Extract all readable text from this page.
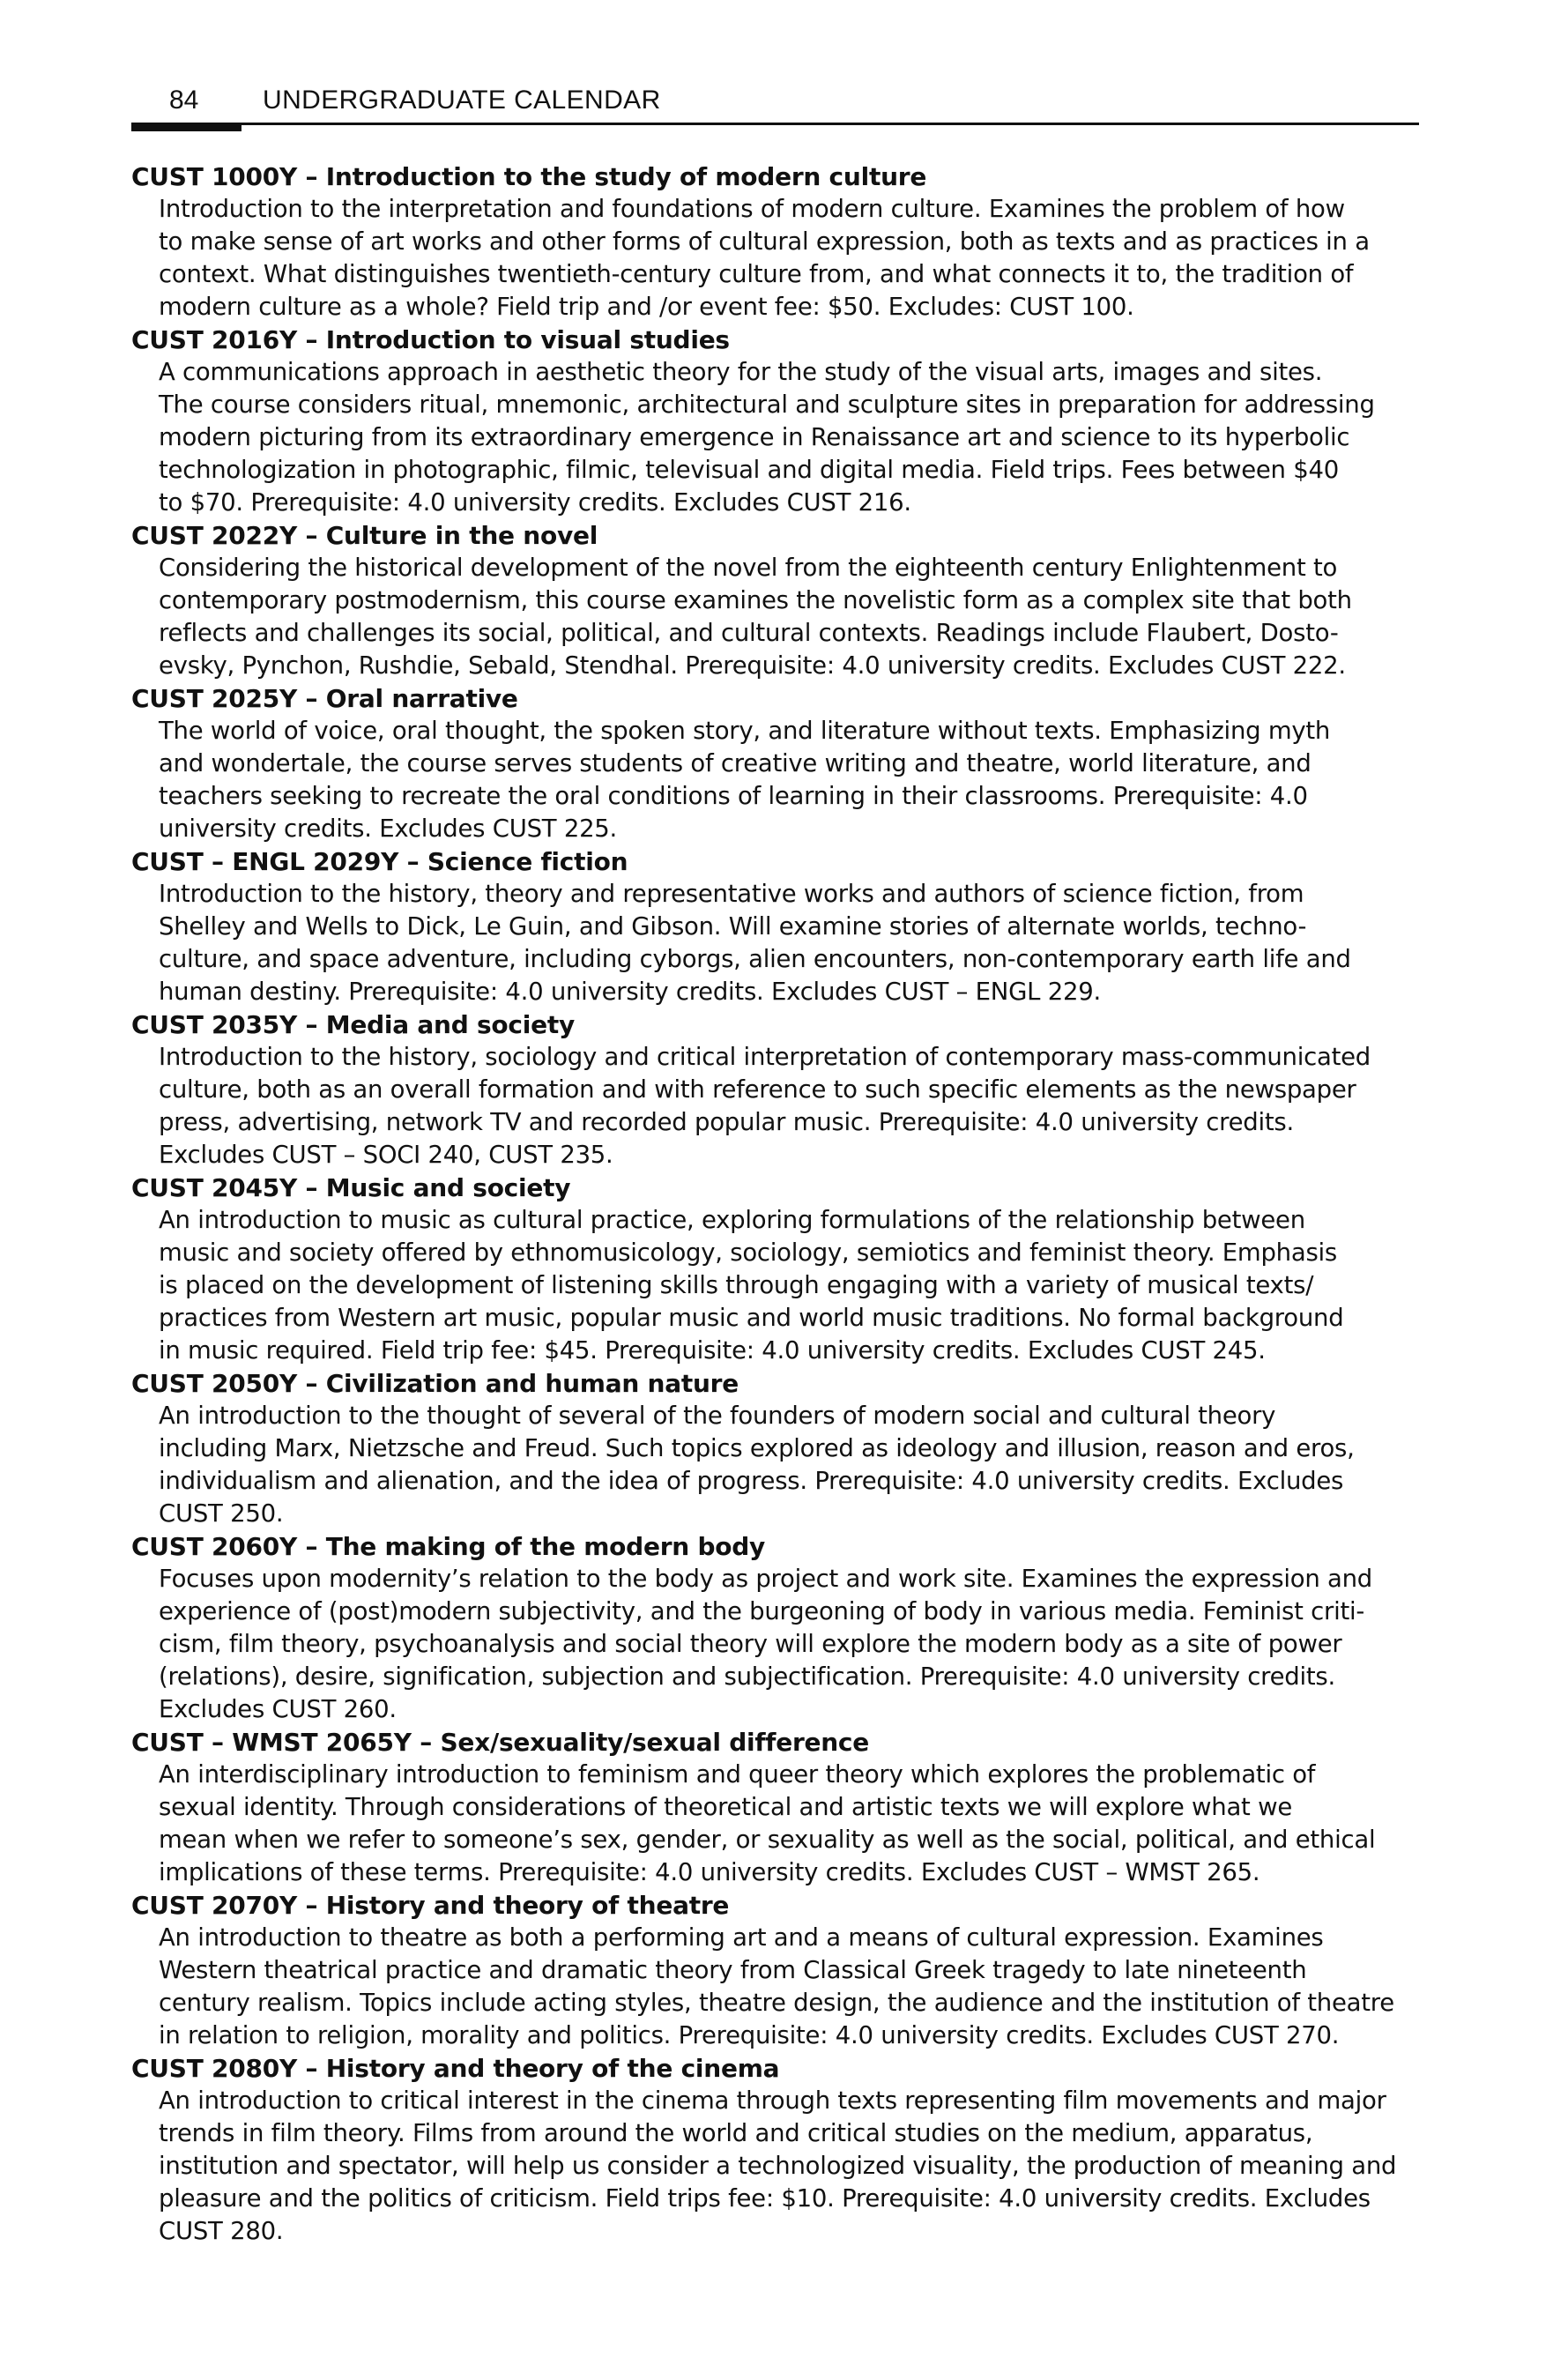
84 UNDERGRADUATE CALENDAR
CUST 1000Y – Introduction to the study of modern culture
Introduction to the interpretation and foundations of modern culture. Examines the problem of how
to make sense of art works and other forms of cultural expression, both as texts and as practices in a
context. What distinguishes twentieth-century culture from, and what connects it to, the tradition of
modern culture as a whole? Field trip and /or event fee: $50. Excludes: CUST 100.
CUST 2016Y – Introduction to visual studies
A communications approach in aesthetic theory for the study of the visual arts, images and sites.
The course considers ritual, mnemonic, architectural and sculpture sites in preparation for addressing
modern picturing from its extraordinary emergence in Renaissance art and science to its hyperbolic
technologization in photographic, filmic, televisual and digital media. Field trips. Fees between $40
to $70. Prerequisite: 4.0 university credits. Excludes CUST 216.
CUST 2022Y – Culture in the novel
Considering the historical development of the novel from the eighteenth century Enlightenment to
contemporary postmodernism, this course examines the novelistic form as a complex site that both
reflects and challenges its social, political, and cultural contexts. Readings include Flaubert, Dosto-
evsky, Pynchon, Rushdie, Sebald, Stendhal. Prerequisite: 4.0 university credits. Excludes CUST 222.
CUST 2025Y – Oral narrative
The world of voice, oral thought, the spoken story, and literature without texts. Emphasizing myth
and wondertale, the course serves students of creative writing and theatre, world literature, and
teachers seeking to recreate the oral conditions of learning in their classrooms. Prerequisite: 4.0
university credits. Excludes CUST 225.
CUST – ENGL 2029Y – Science fiction
Introduction to the history, theory and representative works and authors of science fiction, from
Shelley and Wells to Dick, Le Guin, and Gibson. Will examine stories of alternate worlds, techno-
culture, and space adventure, including cyborgs, alien encounters, non-contemporary earth life and
human destiny. Prerequisite: 4.0 university credits. Excludes CUST – ENGL 229.
CUST 2035Y – Media and society
Introduction to the history, sociology and critical interpretation of contemporary mass-communicated
culture, both as an overall formation and with reference to such specific elements as the newspaper
press, advertising, network TV and recorded popular music. Prerequisite: 4.0 university credits.
Excludes CUST – SOCI 240, CUST 235.
CUST 2045Y – Music and society
An introduction to music as cultural practice, exploring formulations of the relationship between
music and society offered by ethnomusicology, sociology, semiotics and feminist theory. Emphasis
is placed on the development of listening skills through engaging with a variety of musical texts/
practices from Western art music, popular music and world music traditions. No formal background
in music required. Field trip fee: $45. Prerequisite: 4.0 university credits. Excludes CUST 245.
CUST 2050Y – Civilization and human nature
An introduction to the thought of several of the founders of modern social and cultural theory
including Marx, Nietzsche and Freud. Such topics explored as ideology and illusion, reason and eros,
individualism and alienation, and the idea of progress. Prerequisite: 4.0 university credits. Excludes
CUST 250.
CUST 2060Y – The making of the modern body
Focuses upon modernity’s relation to the body as project and work site. Examines the expression and
experience of (post)modern subjectivity, and the burgeoning of body in various media. Feminist criti-
cism, film theory, psychoanalysis and social theory will explore the modern body as a site of power
(relations), desire, signification, subjection and subjectification. Prerequisite: 4.0 university credits.
Excludes CUST 260.
CUST – WMST 2065Y – Sex/sexuality/sexual difference
An interdisciplinary introduction to feminism and queer theory which explores the problematic of
sexual identity. Through considerations of theoretical and artistic texts we will explore what we
mean when we refer to someone’s sex, gender, or sexuality as well as the social, political, and ethical
implications of these terms. Prerequisite: 4.0 university credits. Excludes CUST – WMST 265.
CUST 2070Y – History and theory of theatre
An introduction to theatre as both a performing art and a means of cultural expression. Examines
Western theatrical practice and dramatic theory from Classical Greek tragedy to late nineteenth
century realism. Topics include acting styles, theatre design, the audience and the institution of theatre
in relation to religion, morality and politics. Prerequisite: 4.0 university credits. Excludes CUST 270.
CUST 2080Y – History and theory of the cinema
An introduction to critical interest in the cinema through texts representing film movements and major
trends in film theory. Films from around the world and critical studies on the medium, apparatus,
institution and spectator, will help us consider a technologized visuality, the production of meaning and
pleasure and the politics of criticism. Field trips fee: $10. Prerequisite: 4.0 university credits. Excludes
CUST 280.
